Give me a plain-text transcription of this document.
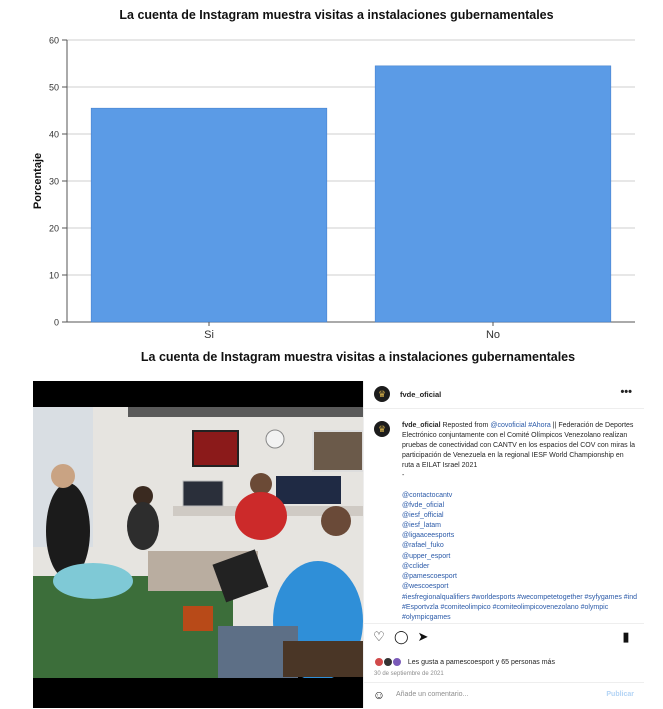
La cuenta de Instagram muestra visitas a instalaciones gubernamentales
0
10
20
30
40
50
60
Si	No
Porcentaje
La cuenta de Instagram muestra visitas a instalaciones gubernamentales
♛	fvde_oficial	•••
♛	fvde_oficial Reposted from @covoficial #Ahora || Federación de Deportes Electrónico conjuntamente con el Comité Olímpicos Venezolano realizan pruebas de conectividad con CANTV en los espacios del COV con miras la participación de Venezuela en la regional IESF World Championship en ruta a EILAT Israel 2021
-
@contactocantv
@fvde_oficial
@iesf_official
@iesf_latam
@ligaaceesports
@rafael_fuko
@upper_esport
@cclider
@pamescoesport
@wescoesport
#iesfregionalqualifiers #worldesports #wecompetetogether #syfygames #ind #Esportvzla #comiteolimpico #comiteolimpicovenezolano #olympic #olympicgames
♡ ◯ ➤	▮
Les gusta a pamescoesport y 65 personas más
30 de septiembre de 2021
☺ Añade un comentario...	Publicar
